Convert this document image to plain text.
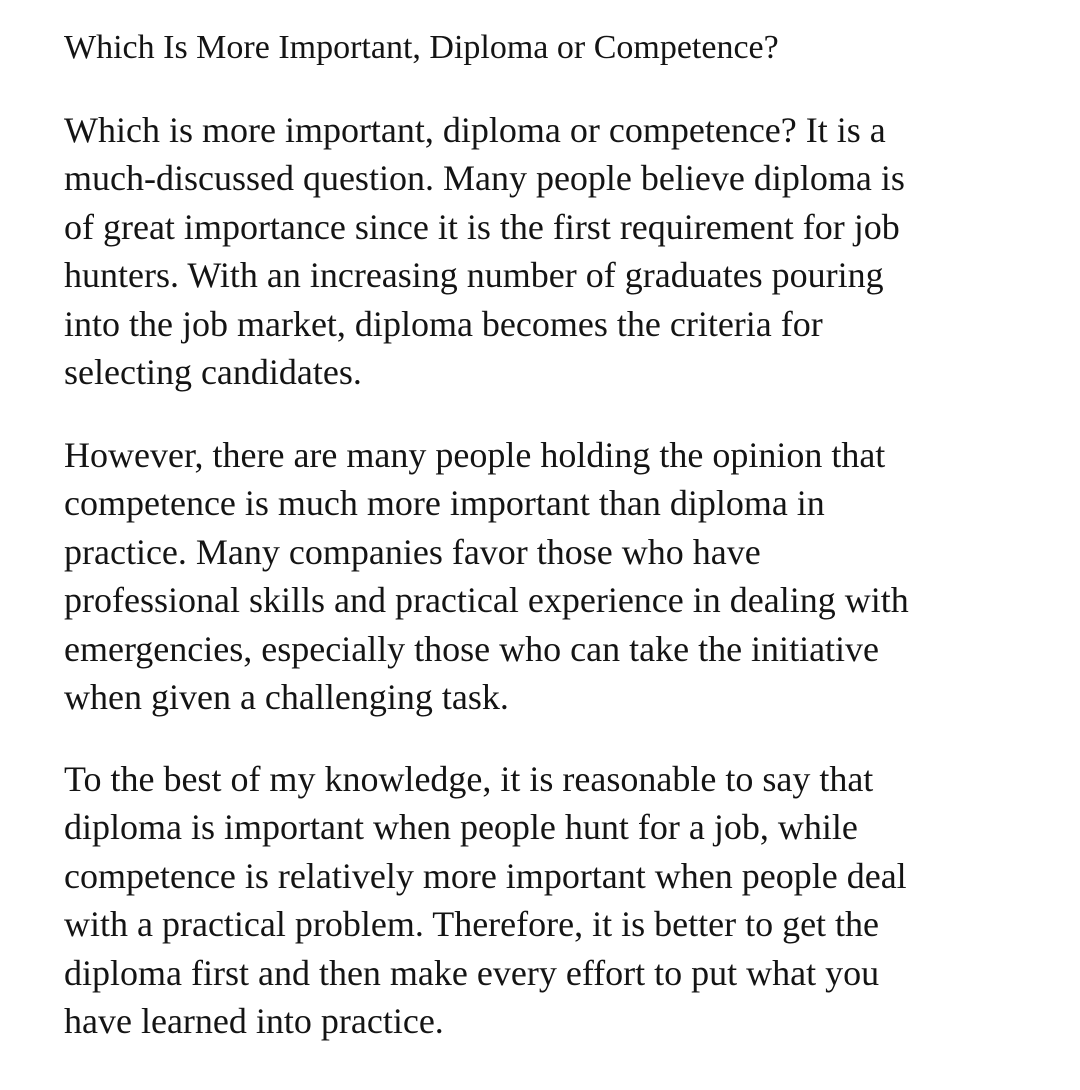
Which Is More Important, Diploma or Competence?

Which is more important, diploma or competence? It is a
much-discussed question. Many people believe diploma is
of great importance since it is the first requirement for job
hunters. With an increasing number of graduates pouring
into the job market, diploma becomes the criteria for
selecting candidates.

However, there are many people holding the opinion that
competence is much more important than diploma in
practice. Many companies favor those who have
professional skills and practical experience in dealing with
emergencies, especially those who can take the initiative
when given a challenging task.

To the best of my knowledge, it is reasonable to say that
diploma is important when people hunt for a job, while
competence is relatively more important when people deal
with a practical problem. Therefore, it is better to get the
diploma first and then make every effort to put what you
have learned into practice.
